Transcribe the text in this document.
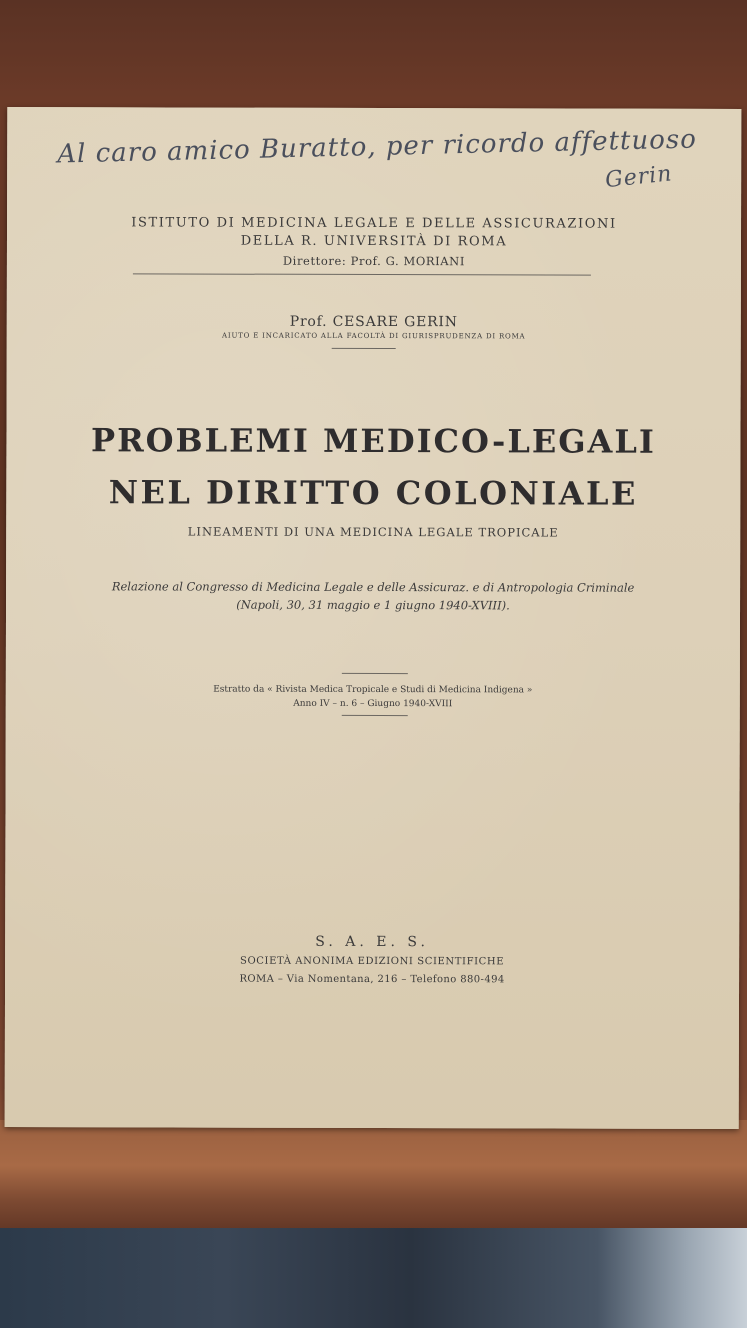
Al caro amico Buratto, per ricordo affettuoso
Gerin
ISTITUTO DI MEDICINA LEGALE E DELLE ASSICURAZIONI
DELLA R. UNIVERSITÀ DI ROMA
Direttore: Prof. G. MORIANI
Prof. CESARE GERIN
AIUTO E INCARICATO ALLA FACOLTÀ DI GIURISPRUDENZA DI ROMA
PROBLEMI MEDICO-LEGALI
NEL DIRITTO COLONIALE
LINEAMENTI DI UNA MEDICINA LEGALE TROPICALE
Relazione al Congresso di Medicina Legale e delle Assicuraz. e di Antropologia Criminale
(Napoli, 30, 31 maggio e 1 giugno 1940-XVIII).
Estratto da « Rivista Medica Tropicale e Studi di Medicina Indigena »
Anno IV – n. 6 – Giugno 1940-XVIII
S. A. E. S.
SOCIETÀ ANONIMA EDIZIONI SCIENTIFICHE
ROMA – Via Nomentana, 216 – Telefono 880-494
